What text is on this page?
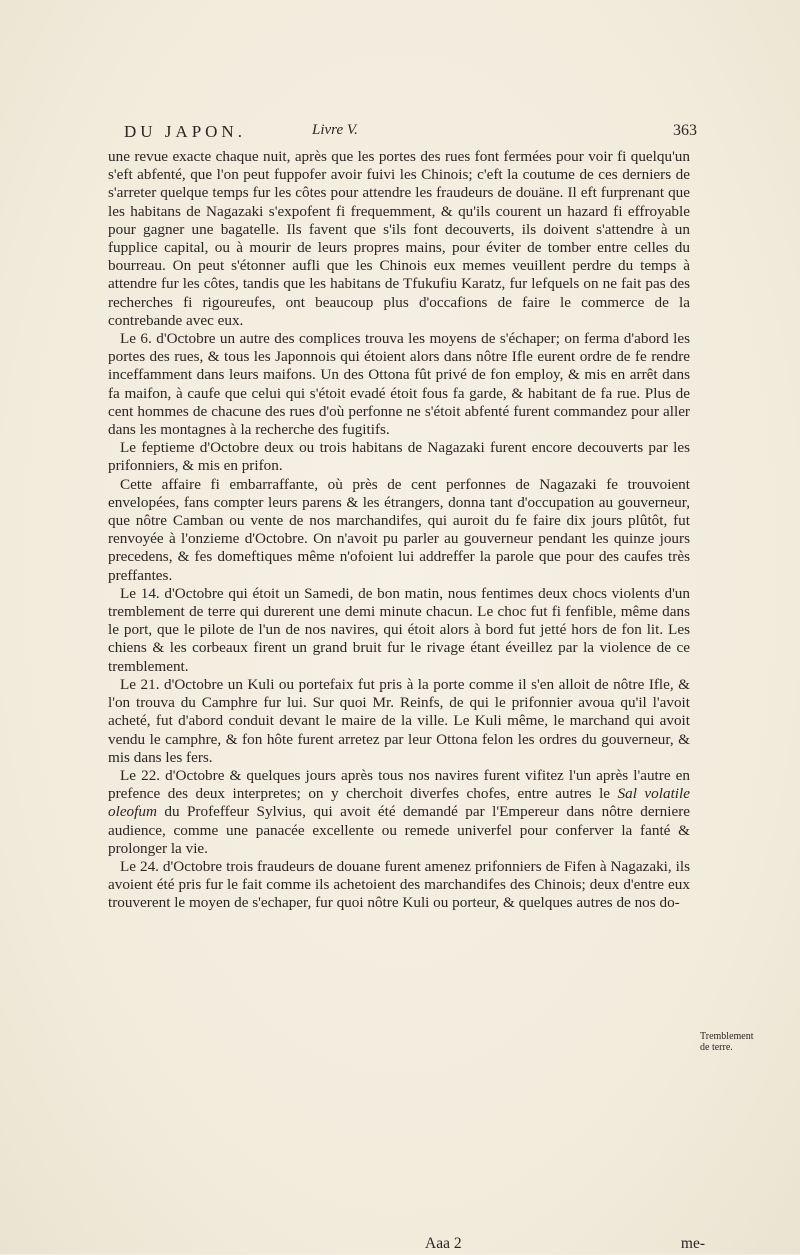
DU JAPON.	Livre V.	363

une revue exacte chaque nuit, après que les portes des rues font fermées pour voir fi quelqu'un s'eft abfenté, que l'on peut fuppofer avoir fuivi les Chinois; c'eft la coutume de ces derniers de s'arreter quelque temps fur les côtes pour attendre les fraudeurs de douäne. Il eft furprenant que les habitans de Nagazaki s'expofent fi frequemment, & qu'ils courent un hazard fi effroyable pour gagner une bagatelle. Ils favent que s'ils font decouverts, ils doivent s'attendre à un fupplice capital, ou à mourir de leurs propres mains, pour éviter de tomber entre celles du bourreau. On peut s'étonner aufli que les Chinois eux memes veuillent perdre du temps à attendre fur les côtes, tandis que les habitans de Tfukufiu Karatz, fur lefquels on ne fait pas des recherches fi rigoureufes, ont beaucoup plus d'occafions de faire le commerce de la contrebande avec eux.

Le 6. d'Octobre un autre des complices trouva les moyens de s'échaper; on ferma d'abord les portes des rues, & tous les Japonnois qui étoient alors dans nôtre Ifle eurent ordre de fe rendre inceffamment dans leurs maifons. Un des Ottona fût privé de fon employ, & mis en arrêt dans fa maifon, à caufe que celui qui s'étoit evadé étoit fous fa garde, & habitant de fa rue. Plus de cent hommes de chacune des rues d'où perfonne ne s'étoit abfenté furent commandez pour aller dans les montagnes à la recherche des fugitifs.

Le feptieme d'Octobre deux ou trois habitans de Nagazaki furent encore decouverts par les prifonniers, & mis en prifon.

Cette affaire fi embarraffante, où près de cent perfonnes de Nagazaki fe trouvoient envelopées, fans compter leurs parens & les étrangers, donna tant d'occupation au gouverneur, que nôtre Camban ou vente de nos marchandifes, qui auroit du fe faire dix jours plûtôt, fut renvoyée à l'onzieme d'Octobre. On n'avoit pu parler au gouverneur pendant les quinze jours precedens, & fes domeftiques même n'ofoient lui addreffer la parole que pour des caufes très preffantes.

Le 14. d'Octobre qui étoit un Samedi, de bon matin, nous fentimes deux chocs violents d'un tremblement de terre qui durerent une demi minute chacun. Le choc fut fi fenfible, même dans le port, que le pilote de l'un de nos navires, qui étoit alors à bord fut jetté hors de fon lit. Les chiens & les corbeaux firent un grand bruit fur le rivage étant éveillez par la violence de ce tremblement.

Le 21. d'Octobre un Kuli ou portefaix fut pris à la porte comme il s'en alloit de nôtre Ifle, & l'on trouva du Camphre fur lui. Sur quoi Mr. Reinfs, de qui le prifonnier avoua qu'il l'avoit acheté, fut d'abord conduit devant le maire de la ville. Le Kuli même, le marchand qui avoit vendu le camphre, & fon hôte furent arretez par leur Ottona felon les ordres du gouverneur, & mis dans les fers.

Le 22. d'Octobre & quelques jours après tous nos navires furent vifitez l'un après l'autre en prefence des deux interpretes; on y cherchoit diverfes chofes, entre autres le Sal volatile oleofum du Profeffeur Sylvius, qui avoit été demandé par l'Empereur dans nôtre derniere audience, comme une panacée excellente ou remede univerfel pour conferver la fanté & prolonger la vie.

Le 24. d'Octobre trois fraudeurs de douane furent amenez prifonniers de Fifen à Nagazaki, ils avoient été pris fur le fait comme ils achetoient des marchandifes des Chinois; deux d'entre eux trouverent le moyen de s'echaper, fur quoi nôtre Kuli ou porteur, & quelques autres de nos do-

Tremblement de terre.
Aaa 2	me-
